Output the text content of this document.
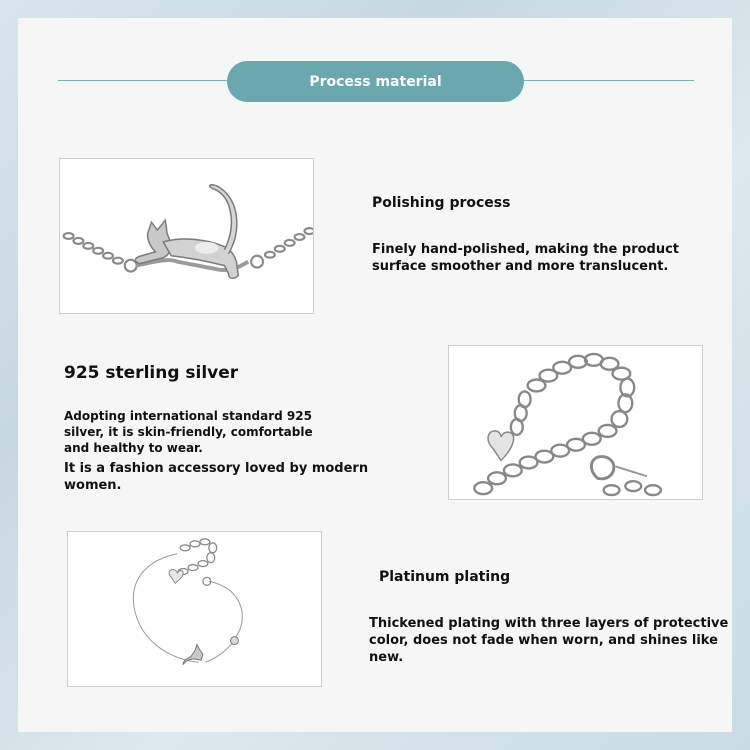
Process material
Polishing process
Finely hand-polished, making the product
surface smoother and more translucent.
925 sterling silver
Adopting international standard 925
silver, it is skin-friendly, comfortable
and healthy to wear.
It is a fashion accessory loved by modern
women.
Platinum plating
Thickened plating with three layers of protective
color, does not fade when worn, and shines like new.
